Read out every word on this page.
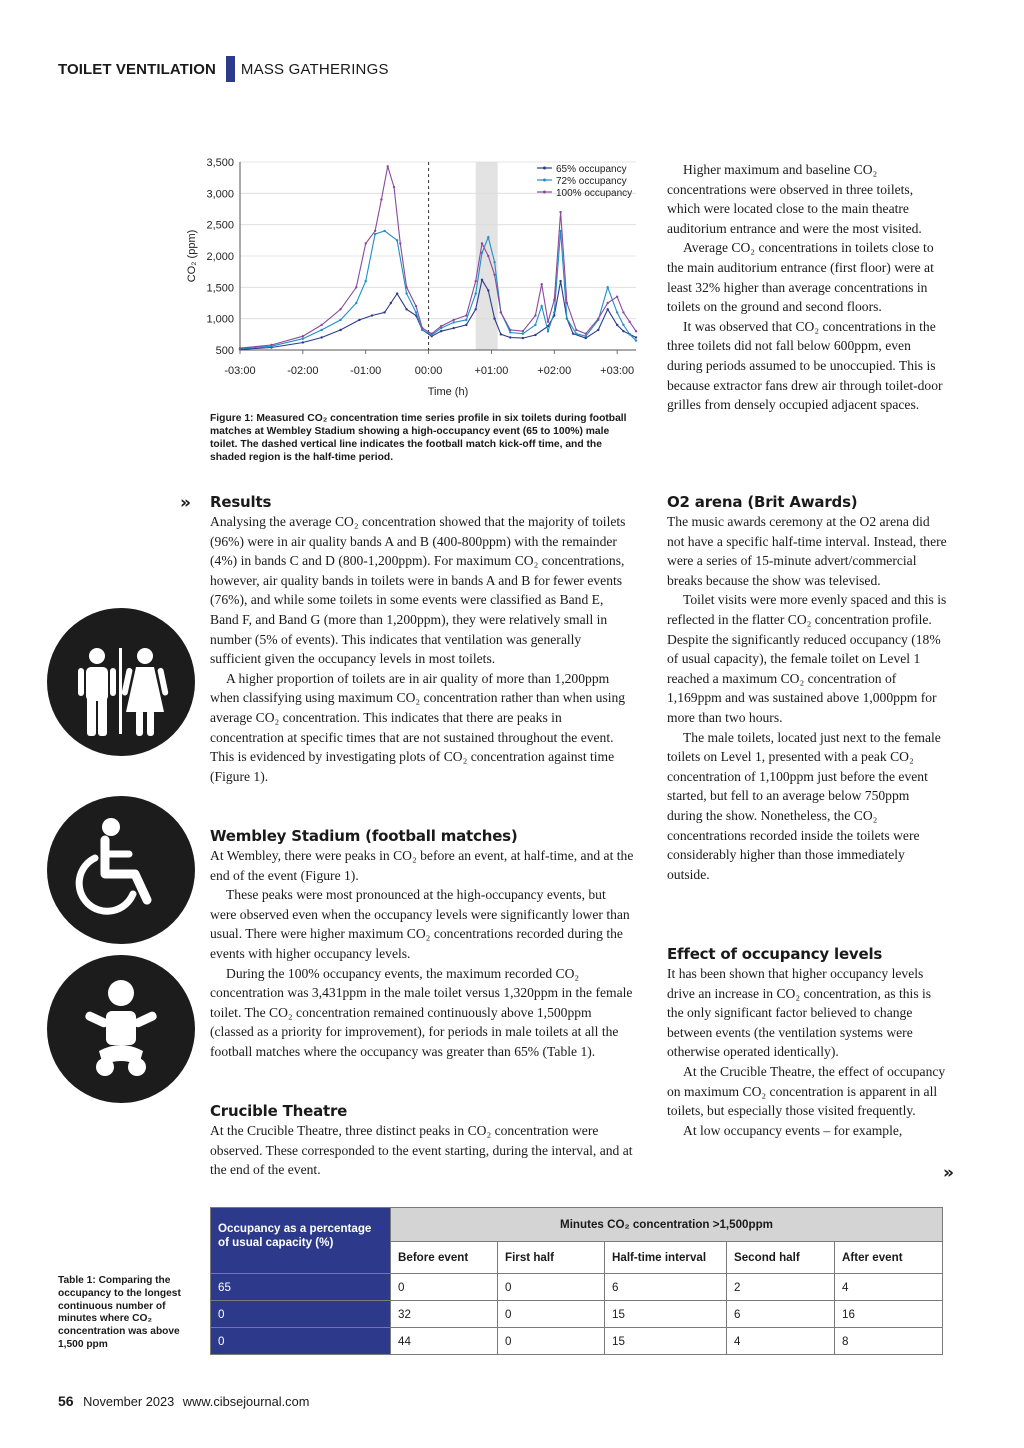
TOILET VENTILATION MASS GATHERINGS
500
1,000
1,500
2,000
2,500
3,000
3,500
-03:00	-02:00	-01:00	00:00	+01:00	+02:00	+03:00
Time (h)
CO₂ (ppm)
65% occupancy
72% occupancy
100% occupancy
Figure 1: Measured CO₂ concentration time series profile in six toilets during football matches at Wembley Stadium showing a high-occupancy event (65 to 100%) male toilet. The dashed vertical line indicates the football match kick-off time, and the shaded region is the half-time period.

Higher maximum and baseline CO₂ concentrations were observed in three toilets, which were located close to the main theatre auditorium entrance and were the most visited.

Average CO₂ concentrations in toilets close to the main auditorium entrance (first floor) were at least 32% higher than average concentrations in toilets on the ground and second floors.

It was observed that CO₂ concentrations in the three toilets did not fall below 600ppm, even during periods assumed to be unoccupied. This is because extractor fans drew air through toilet-door grilles from densely occupied adjacent spaces.

» Results

Analysing the average CO₂ concentration showed that the majority of toilets (96%) were in air quality bands A and B (400-800ppm) with the remainder (4%) in bands C and D (800-1,200ppm). For maximum CO₂ concentrations, however, air quality bands in toilets were in bands A and B for fewer events (76%), and while some toilets in some events were classified as Band E, Band F, and Band G (more than 1,200ppm), they were relatively small in number (5% of events). This indicates that ventilation was generally sufficient given the occupancy levels in most toilets.

A higher proportion of toilets are in air quality of more than 1,200ppm when classifying using maximum CO₂ concentration rather than when using average CO₂ concentration. This indicates that there are peaks in concentration at specific times that are not sustained throughout the event. This is evidenced by investigating plots of CO₂ concentration against time (Figure 1).

Wembley Stadium (football matches)

At Wembley, there were peaks in CO₂ before an event, at half-time, and at the end of the event (Figure 1).

These peaks were most pronounced at the high-occupancy events, but were observed even when the occupancy levels were significantly lower than usual. There were higher maximum CO₂ concentrations recorded during the events with higher occupancy levels.

During the 100% occupancy events, the maximum recorded CO₂ concentration was 3,431ppm in the male toilet versus 1,320ppm in the female toilet. The CO₂ concentration remained continuously above 1,500ppm (classed as a priority for improvement), for periods in male toilets at all the football matches where the occupancy was greater than 65% (Table 1).

Crucible Theatre

At the Crucible Theatre, three distinct peaks in CO₂ concentration were observed. These corresponded to the event starting, during the interval, and at the end of the event.

O2 arena (Brit Awards)

The music awards ceremony at the O2 arena did not have a specific half-time interval. Instead, there were a series of 15-minute advert/commercial breaks because the show was televised.

Toilet visits were more evenly spaced and this is reflected in the flatter CO₂ concentration profile. Despite the significantly reduced occupancy (18% of usual capacity), the female toilet on Level 1 reached a maximum CO₂ concentration of 1,169ppm and was sustained above 1,000ppm for more than two hours.

The male toilets, located just next to the female toilets on Level 1, presented with a peak CO₂ concentration of 1,100ppm just before the event started, but fell to an average below 750ppm during the show. Nonetheless, the CO₂ concentrations recorded inside the toilets were considerably higher than those immediately outside.

Effect of occupancy levels

It has been shown that higher occupancy levels drive an increase in CO₂ concentration, as this is the only significant factor believed to change between events (the ventilation systems were otherwise operated identically).

At the Crucible Theatre, the effect of occupancy on maximum CO₂ concentration is apparent in all toilets, but especially those visited frequently.

At low occupancy events – for example,

»
Table 1: Comparing the occupancy to the longest continuous number of minutes where CO₂ concentration was above 1,500 ppm
Occupancy as a percentage of usual capacity (%)	Minutes CO₂ concentration >1,500ppm				
	Before event	First half	Half-time interval	Second half	After event
65	0	0	6	2	4
0	32	0	15	6	16
0	44	0	15	4	8
56 November 2023 www.cibsejournal.com
